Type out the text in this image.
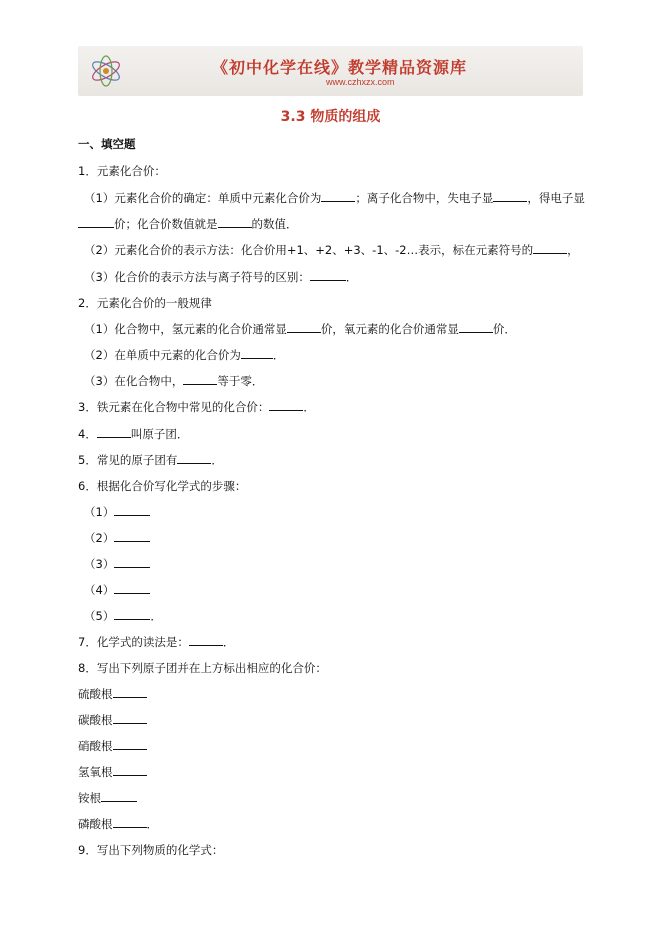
《初中化学在线》教学精品资源库
www.czhxzx.com
3.3 物质的组成
一、填空题
1．元素化合价：
（1）元素化合价的确定：单质中元素化合价为	；离子化合物中，失电子显	，得电子显
价；化合价数值就是	的数值．
（2）元素化合价的表示方法：化合价用+1、+2、+3、-1、-2…表示，标在元素符号的	，
（3）化合价的表示方法与离子符号的区别：	．
2．元素化合价的一般规律
（1）化合物中，氢元素的化合价通常显	价，氧元素的化合价通常显	价．
（2）在单质中元素的化合价为	．
（3）在化合物中，	等于零．
3．铁元素在化合物中常见的化合价：	．
4．	叫原子团．
5．常见的原子团有	．
6．根据化合价写化学式的步骤：
（1）
（2）
（3）
（4）
（5）	．
7．化学式的读法是：	．
8．写出下列原子团并在上方标出相应的化合价：
硫酸根
碳酸根
硝酸根
氢氧根
铵根
磷酸根	．
9．写出下列物质的化学式：
